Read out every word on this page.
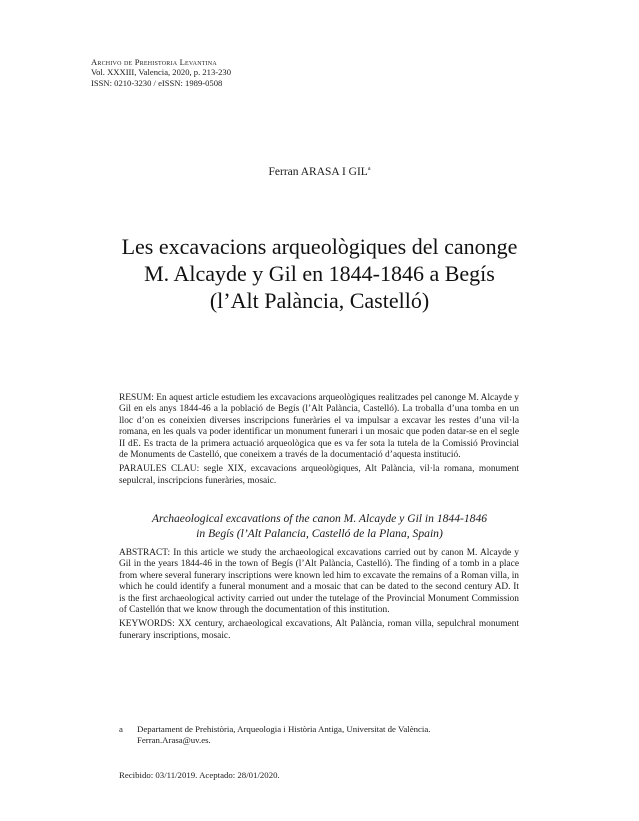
Archivo de Prehistoria Levantina
Vol. XXXIII, Valencia, 2020, p. 213-230
ISSN: 0210-3230 / eISSN: 1989-0508
Ferran ARASA I GIL$^a$
Les excavacions arqueològiques del canonge
M. Alcayde y Gil en 1844-1846 a Begís
(l’Alt Palància, Castelló)

RESUM: En aquest article estudiem les excavacions arqueològiques realitzades pel canonge M. Alcayde y Gil en els anys 1844-46 a la població de Begís (l’Alt Palància, Castelló). La troballa d’una tomba en un lloc d’on es coneixien diverses inscripcions funeràries el va impulsar a excavar les restes d’una vil·la romana, en les quals va poder identificar un monument funerari i un mosaic que poden datar-se en el segle II dE. Es tracta de la primera actuació arqueològica que es va fer sota la tutela de la Comissió Provincial de Monuments de Castelló, que coneixem a través de la documentació d’aquesta institució.

PARAULES CLAU: segle XIX, excavacions arqueològiques, Alt Palància, vil·la romana, monument sepulcral, inscripcions funeràries, mosaic.

Archaeological excavations of the canon M. Alcayde y Gil in 1844-1846
in Begís (l’Alt Palancia, Castelló de la Plana, Spain)

ABSTRACT: In this article we study the archaeological excavations carried out by canon M. Alcayde y Gil in the years 1844-46 in the town of Begís (l’Alt Palància, Castelló). The finding of a tomb in a place from where several funerary inscriptions were known led him to excavate the remains of a Roman villa, in which he could identify a funeral monument and a mosaic that can be dated to the second century AD. It is the first archaeological activity carried out under the tutelage of the Provincial Monument Commission of Castellón that we know through the documentation of this institution.

KEYWORDS: XX century, archaeological excavations, Alt Palància, roman villa, sepulchral monument funerary inscriptions, mosaic.

a Departament de Prehistòria, Arqueologia i Història Antiga, Universitat de València.
Ferran.Arasa@uv.es.
Recibido: 03/11/2019. Aceptado: 28/01/2020.
